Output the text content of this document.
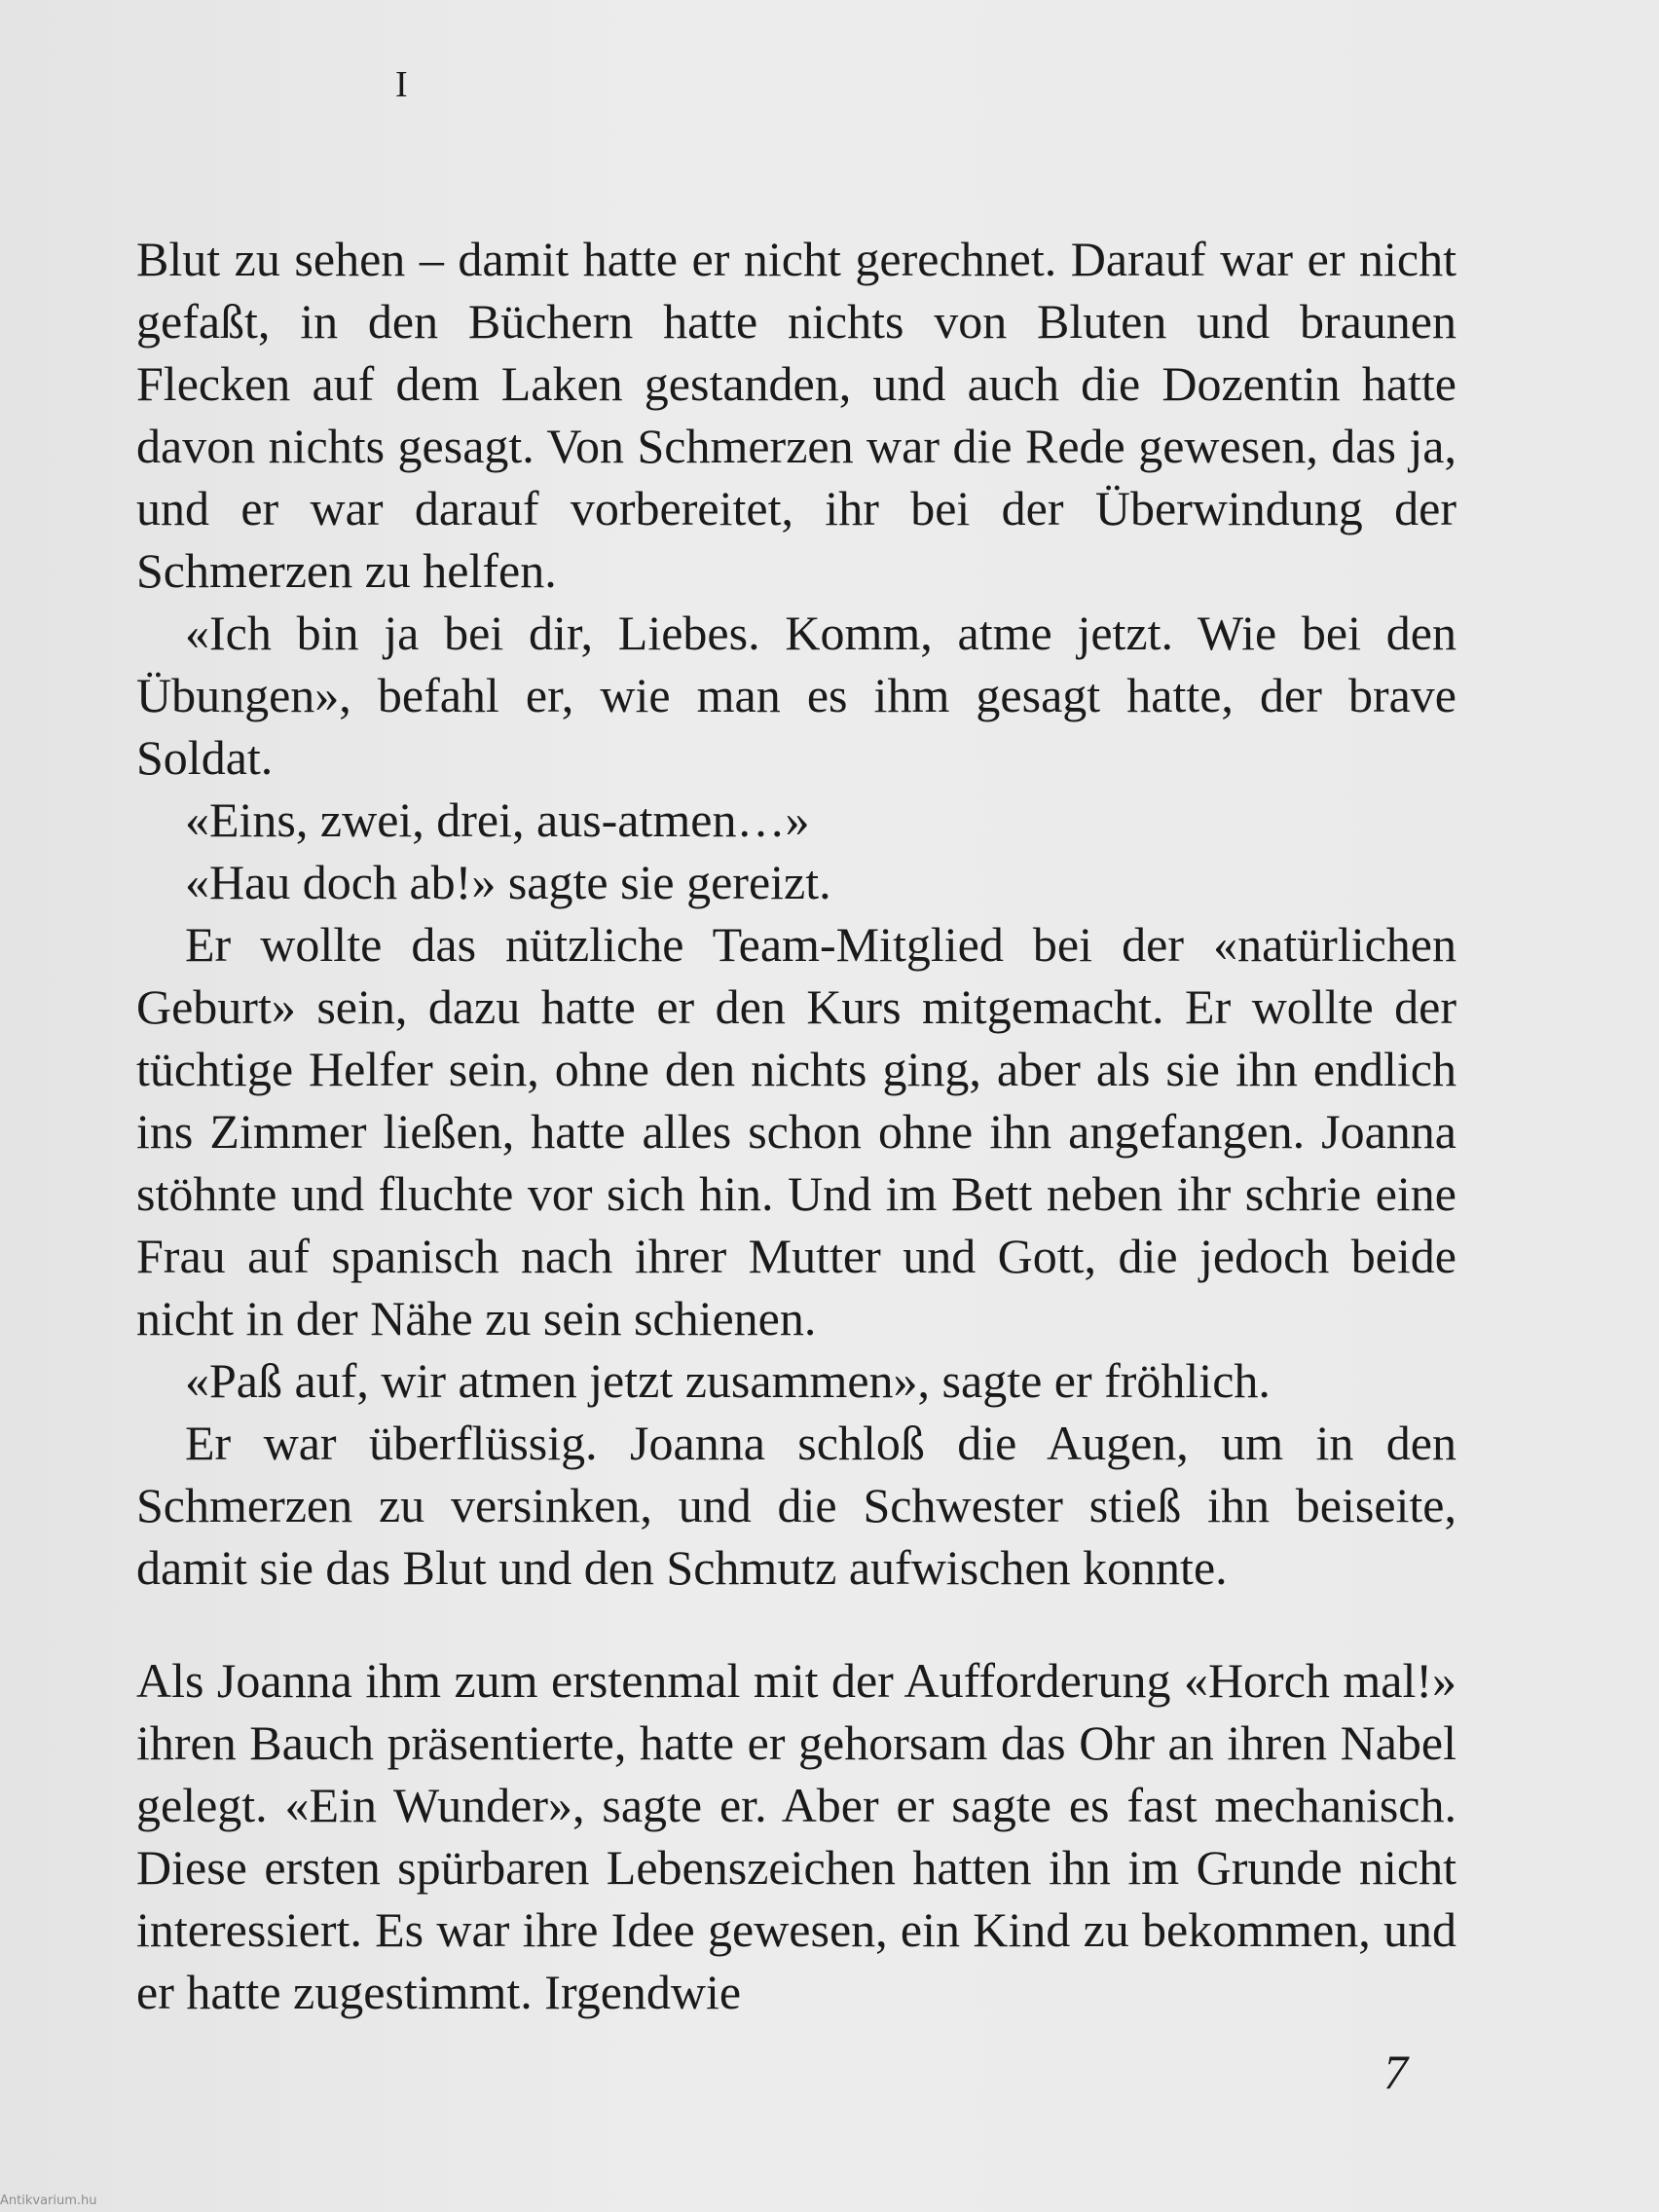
I

Blut zu sehen – damit hatte er nicht gerechnet. Darauf war er nicht gefaßt, in den Büchern hatte nichts von Bluten und braunen Flecken auf dem Laken gestanden, und auch die Dozentin hatte davon nichts gesagt. Von Schmerzen war die Rede gewesen, das ja, und er war darauf vorbereitet, ihr bei der Überwindung der Schmerzen zu helfen.

«Ich bin ja bei dir, Liebes. Komm, atme jetzt. Wie bei den Übungen», befahl er, wie man es ihm gesagt hatte, der brave Soldat.

«Eins, zwei, drei, aus-atmen…»

«Hau doch ab!» sagte sie gereizt.

Er wollte das nützliche Team-Mitglied bei der «natürlichen Geburt» sein, dazu hatte er den Kurs mitgemacht. Er wollte der tüchtige Helfer sein, ohne den nichts ging, aber als sie ihn endlich ins Zimmer ließen, hatte alles schon ohne ihn angefangen. Joanna stöhnte und fluchte vor sich hin. Und im Bett neben ihr schrie eine Frau auf spanisch nach ihrer Mutter und Gott, die jedoch beide nicht in der Nähe zu sein schienen.

«Paß auf, wir atmen jetzt zusammen», sagte er fröhlich.

Er war überflüssig. Joanna schloß die Augen, um in den Schmerzen zu versinken, und die Schwester stieß ihn beiseite, damit sie das Blut und den Schmutz aufwischen konnte.

Als Joanna ihm zum erstenmal mit der Aufforderung «Horch mal!» ihren Bauch präsentierte, hatte er gehorsam das Ohr an ihren Nabel gelegt. «Ein Wunder», sagte er. Aber er sagte es fast mechanisch. Diese ersten spürbaren Lebenszeichen hatten ihn im Grunde nicht interessiert. Es war ihre Idee gewesen, ein Kind zu bekommen, und er hatte zugestimmt. Irgendwie

7
Antikvarium.hu
